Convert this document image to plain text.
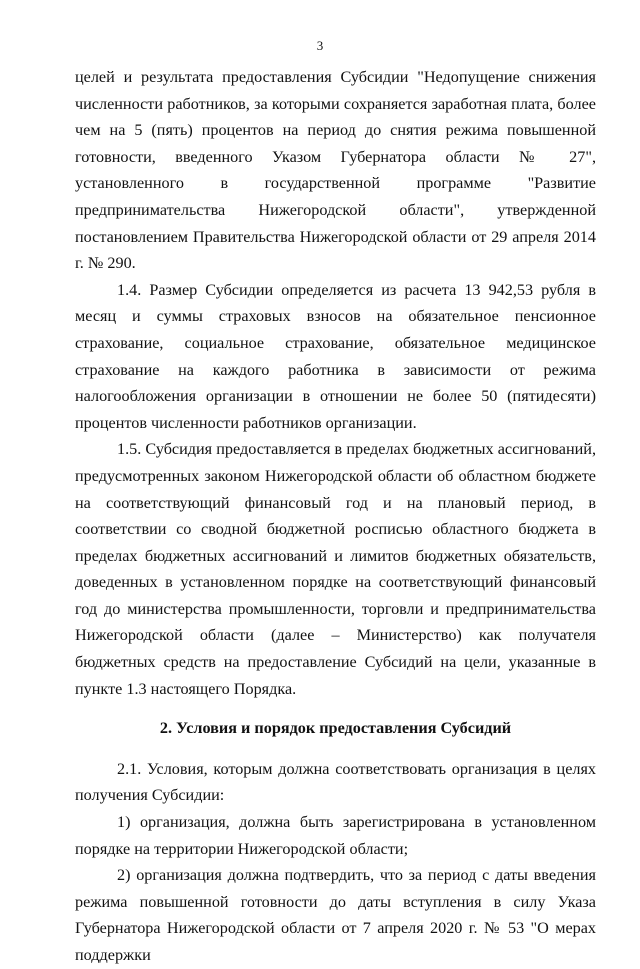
3

целей и результата предоставления Субсидии "Недопущение снижения численности работников, за которыми сохраняется заработная плата, более чем на 5 (пять) процентов на период до снятия режима повышенной готовности, введенного Указом Губернатора области № 27", установленного в государственной программе "Развитие предпринимательства Нижегородской области", утвержденной постановлением Правительства Нижегородской области от 29 апреля 2014 г. № 290.

1.4. Размер Субсидии определяется из расчета 13 942,53 рубля в месяц и суммы страховых взносов на обязательное пенсионное страхование, социальное страхование, обязательное медицинское страхование на каждого работника в зависимости от режима налогообложения организации в отношении не более 50 (пятидесяти) процентов численности работников организации.

1.5. Субсидия предоставляется в пределах бюджетных ассигнований, предусмотренных законом Нижегородской области об областном бюджете на соответствующий финансовый год и на плановый период, в соответствии со сводной бюджетной росписью областного бюджета в пределах бюджетных ассигнований и лимитов бюджетных обязательств, доведенных в установленном порядке на соответствующий финансовый год до министерства промышленности, торговли и предпринимательства Нижегородской области (далее – Министерство) как получателя бюджетных средств на предоставление Субсидий на цели, указанные в пункте 1.3 настоящего Порядка.

2. Условия и порядок предоставления Субсидий

2.1. Условия, которым должна соответствовать организация в целях получения Субсидии:

1) организация, должна быть зарегистрирована в установленном порядке на территории Нижегородской области;

2) организация должна подтвердить, что за период с даты введения режима повышенной готовности до даты вступления в силу Указа Губернатора Нижегородской области от 7 апреля 2020 г. № 53 "О мерах поддержки
